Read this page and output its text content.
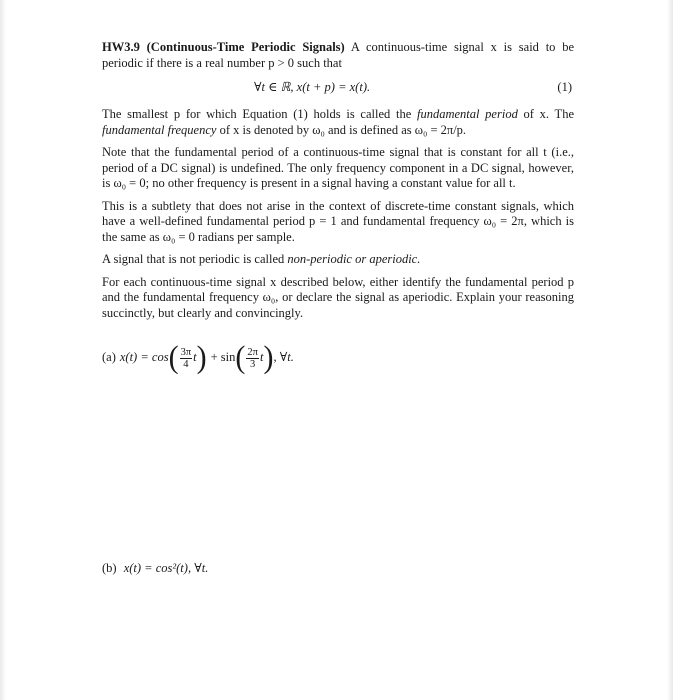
HW3.9 (Continuous-Time Periodic Signals) A continuous-time signal x is said to be periodic if there is a real number p > 0 such that

∀t ∈ ℝ, x(t + p) = x(t).	(1)

The smallest p for which Equation (1) holds is called the fundamental period of x. The fundamental frequency of x is denoted by ω₀ and is defined as ω₀ = 2π/p.

Note that the fundamental period of a continuous-time signal that is constant for all t (i.e., period of a DC signal) is undefined. The only frequency component in a DC signal, however, is ω₀ = 0; no other frequency is present in a signal having a constant value for all t.

This is a subtlety that does not arise in the context of discrete-time constant signals, which have a well-defined fundamental period p = 1 and fundamental frequency ω₀ = 2π, which is the same as ω₀ = 0 radians per sample.

A signal that is not periodic is called non-periodic or aperiodic.

For each continuous-time signal x described below, either identify the fundamental period p and the fundamental frequency ω₀, or declare the signal as aperiodic. Explain your reasoning succinctly, but clearly and convincingly.

(a) x(t) = cos ( $\frac{3\pi}{4}$ t ) + sin ( $\frac{2\pi}{3}$ t ) , ∀t.
(b) x(t) = cos²(t), ∀t.
